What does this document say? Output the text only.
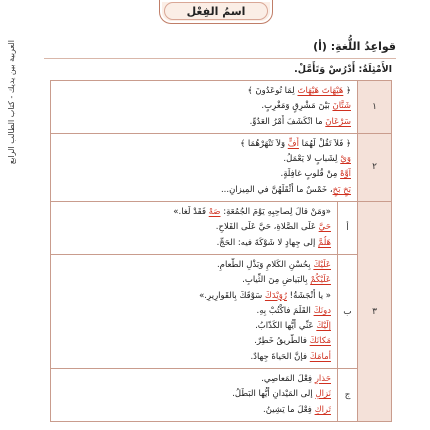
اسمُ الفِعْل
العربية بين يديك - كتاب الطالب الرابع	قواعِدُ اللُّغةِ: (أ)
الأَمْثِلَةُ: أَدْرُسْ وَتَأَمَّلْ.
١
﴿ هَيْهَاتَ هَيْهَاتَ لِمَا تُوعَدُونَ ﴾
شَتَّانَ بَيْنَ مَشْرِقٍ وَمَغْرِبٍ.
سَرْعَانَ ما انْكَشَفَ أَمْرُ العَدُوِّ.
٢
﴿ فَلاَ تَقُلْ لَهُمَا أُفٍّ وَلاَ تَنْهَرْهُمَا ﴾
وَيْ لِشَبابٍ لا يَعْمَلُ.
آوَّهْ مِنْ قُلوبٍ غافِلَةٍ.
بَخٍ بَخٍ، خَمْسٌ ما أَثْقَلَهُنَّ في المِيزانِ...
٣
أ
«وَمَنْ قالَ لِصاحِبِهِ يَوْمَ الجُمُعَةِ: صَهْ فَقَدْ لَغا.»
حَيَّ عَلَى الصَّلاةِ، حَيَّ عَلَى الفَلاحِ.
هَلُمَّ إلى جِهادٍ لا شَوْكَةَ فيه: الحَجِّ.
ب
عَلَيْكَ بِحُسْنِ الكَلامِ وَبَذْلِ الطَّعامِ.
عَلَيْكُمْ بِالبَياضِ مِنَ الثِّيابِ.
« يا أَنْجَشَةُ! رُوَيْدَكَ سَوْقَكَ بِالقَوارِيرِ.»
دونَكَ القَلَمَ فاكْتُبْ بِهِ.
إلَيْكَ عَنِّي أَيُّها الكَذّابُ.
مَكانَكَ فالطَّريقُ خَطِرٌ.
أمامَكَ فإنَّ الحَياةَ جِهادٌ.
ج
حَذارِ فِعْلَ المَعاصِي.
نَزالِ إلى المَيْدانِ أَيُّها البَطَلُ.
تَراكِ فِعْلَ ما يَشِينُ.
